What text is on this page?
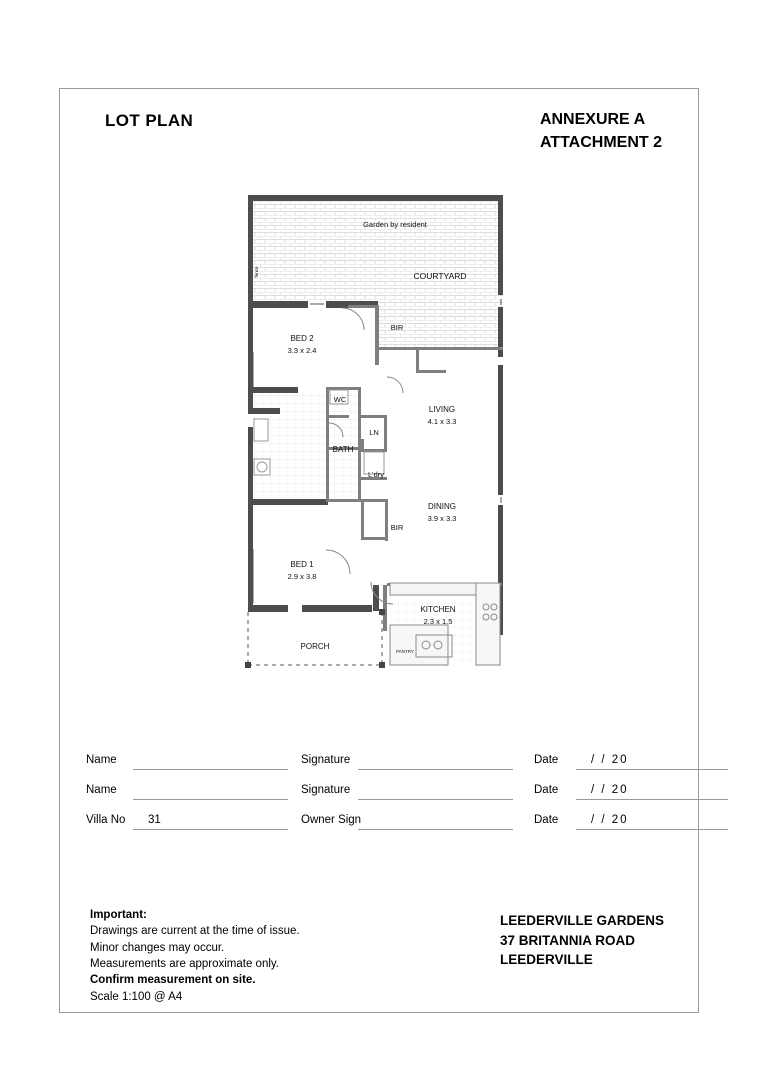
LOT PLAN	ANNEXURE A
ATTACHMENT 2
Garden by resident
COURTYARD
BED 2
3.3 x 2.4
BIR
WC
BATH
LN
L'dry
LIVING
4.1 x 3.3
DINING
3.9 x 3.3
BIR
BED 1
2.9 x 3.8
KITCHEN
2.3 x 1.5
PANTRY
PORCH
fence
Name	Signature	Date	/ / 20
Name	Signature	Date	/ / 20
Villa No 31	Owner Sign	Date	/ / 20
Important:
Drawings are current at the time of issue.
Minor changes may occur.
Measurements are approximate only.
Confirm measurement on site.
Scale 1:100 @ A4
LEEDERVILLE GARDENS
37 BRITANNIA ROAD
LEEDERVILLE
